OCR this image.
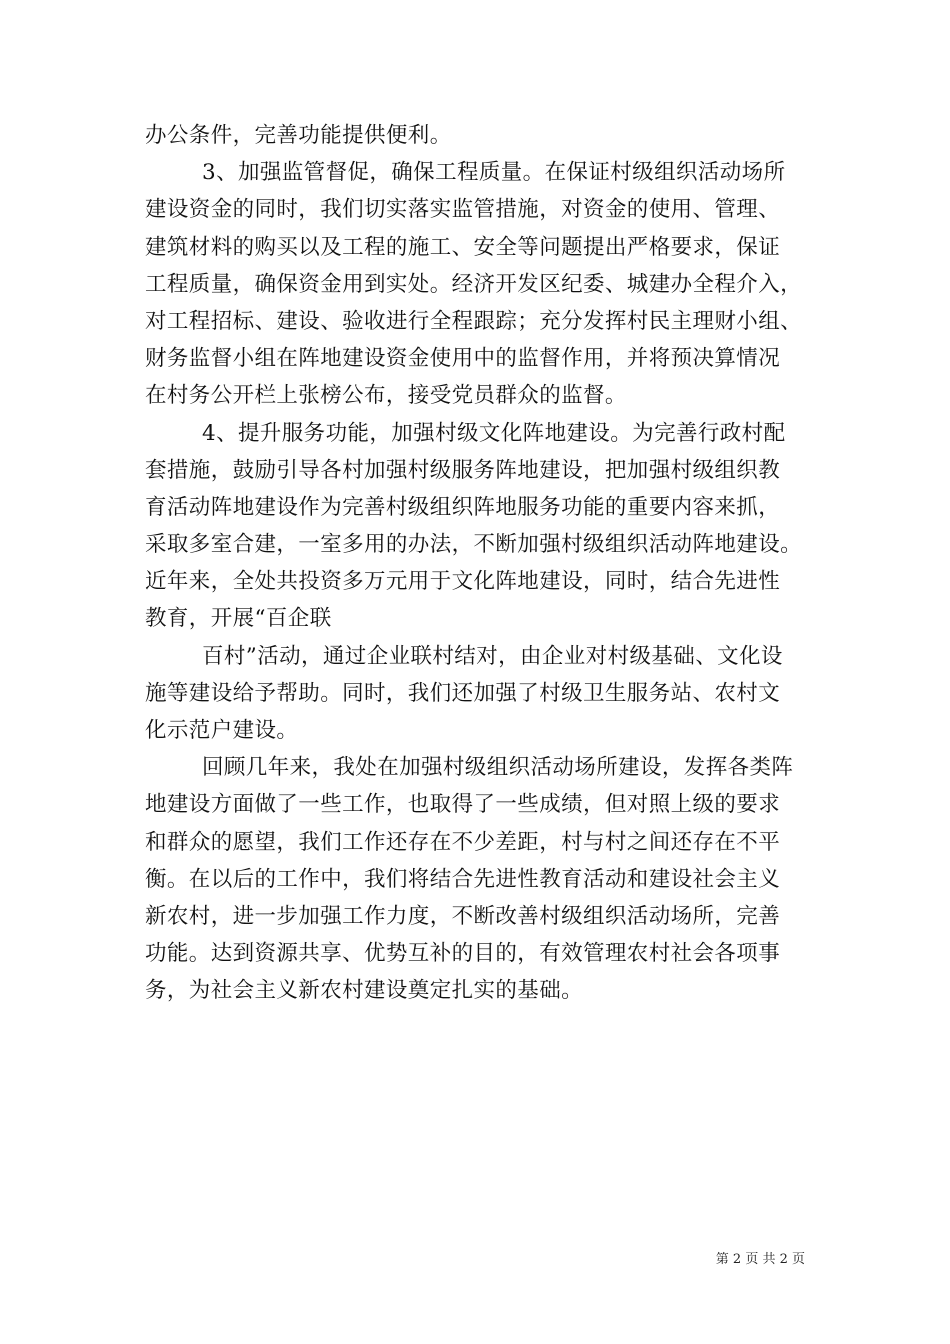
办公条件，完善功能提供便利。
3、加强监管督促，确保工程质量。在保证村级组织活动场所
建设资金的同时，我们切实落实监管措施，对资金的使用、管理、
建筑材料的购买以及工程的施工、安全等问题提出严格要求，保证
工程质量，确保资金用到实处。经济开发区纪委、城建办全程介入，
对工程招标、建设、验收进行全程跟踪；充分发挥村民主理财小组、
财务监督小组在阵地建设资金使用中的监督作用，并将预决算情况
在村务公开栏上张榜公布，接受党员群众的监督。
4、提升服务功能，加强村级文化阵地建设。为完善行政村配
套措施，鼓励引导各村加强村级服务阵地建设，把加强村级组织教
育活动阵地建设作为完善村级组织阵地服务功能的重要内容来抓，
采取多室合建，一室多用的办法，不断加强村级组织活动阵地建设。
近年来，全处共投资多万元用于文化阵地建设，同时，结合先进性
教育，开展“百企联
百村”活动，通过企业联村结对，由企业对村级基础、文化设
施等建设给予帮助。同时，我们还加强了村级卫生服务站、农村文
化示范户建设。
回顾几年来，我处在加强村级组织活动场所建设，发挥各类阵
地建设方面做了一些工作，也取得了一些成绩，但对照上级的要求
和群众的愿望，我们工作还存在不少差距，村与村之间还存在不平
衡。在以后的工作中，我们将结合先进性教育活动和建设社会主义
新农村，进一步加强工作力度，不断改善村级组织活动场所，完善
功能。达到资源共享、优势互补的目的，有效管理农村社会各项事
务，为社会主义新农村建设奠定扎实的基础。
第 2 页 共 2 页
